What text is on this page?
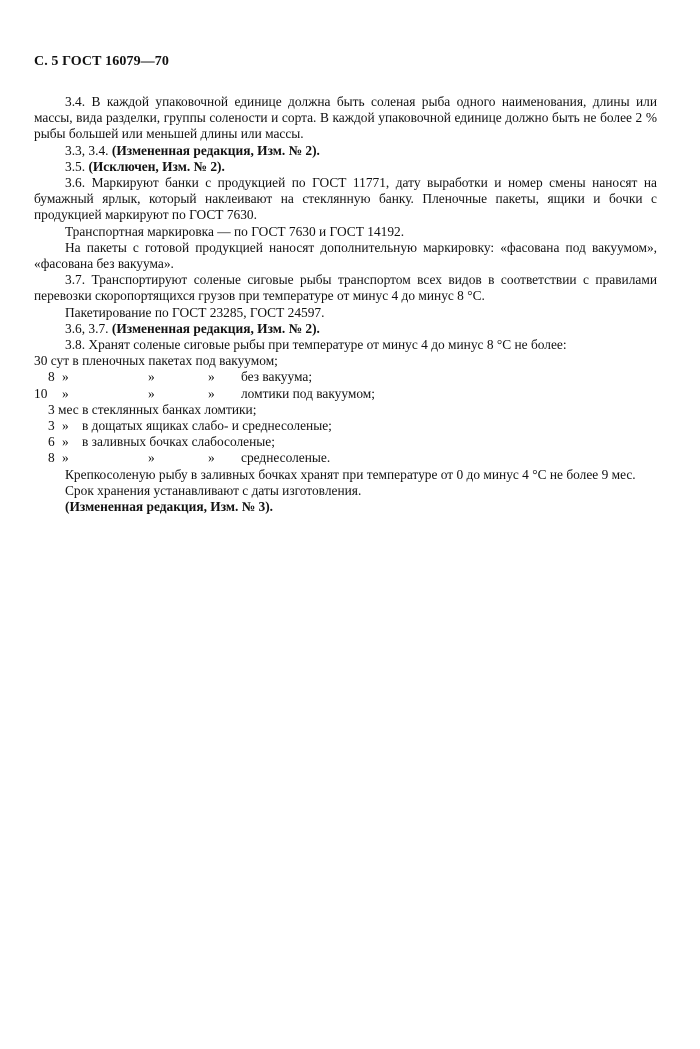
С. 5 ГОСТ 16079—70

3.4. В каждой упаковочной единице должна быть соленая рыба одного наименования, длины или массы, вида разделки, группы солености и сорта. В каждой упаковочной единице должно быть не более 2 % рыбы большей или меньшей длины или массы.

3.3, 3.4. (Измененная редакция, Изм. № 2).

3.5. (Исключен, Изм. № 2).

3.6. Маркируют банки с продукцией по ГОСТ 11771, дату выработки и номер смены наносят на бумажный ярлык, который наклеивают на стеклянную банку. Пленочные пакеты, ящики и бочки с продукцией маркируют по ГОСТ 7630.

Транспортная маркировка — по ГОСТ 7630 и ГОСТ 14192.

На пакеты с готовой продукцией наносят дополнительную маркировку: «фасована под вакуумом», «фасована без вакуума».

3.7. Транспортируют соленые сиговые рыбы транспортом всех видов в соответствии с правилами перевозки скоропортящихся грузов при температуре от минус 4 до минус 8 °С.

Пакетирование по ГОСТ 23285, ГОСТ 24597.

3.6, 3.7. (Измененная редакция, Изм. № 2).

3.8. Хранят соленые сиговые рыбы при температуре от минус 4 до минус 8 °С не более:

30 сут в пленочных пакетах под вакуумом;
8 »	»	» без вакуума;
10 »	»	» ломтики под вакуумом;
3 мес в стеклянных банках ломтики;
3 » в дощатых ящиках слабо- и среднесоленые;
6 » в заливных бочках слабосоленые;
8 »	»	» среднесоленые.

Крепкосоленую рыбу в заливных бочках хранят при температуре от 0 до минус 4 °С не более 9 мес.

Срок хранения устанавливают с даты изготовления.

(Измененная редакция, Изм. № 3).
